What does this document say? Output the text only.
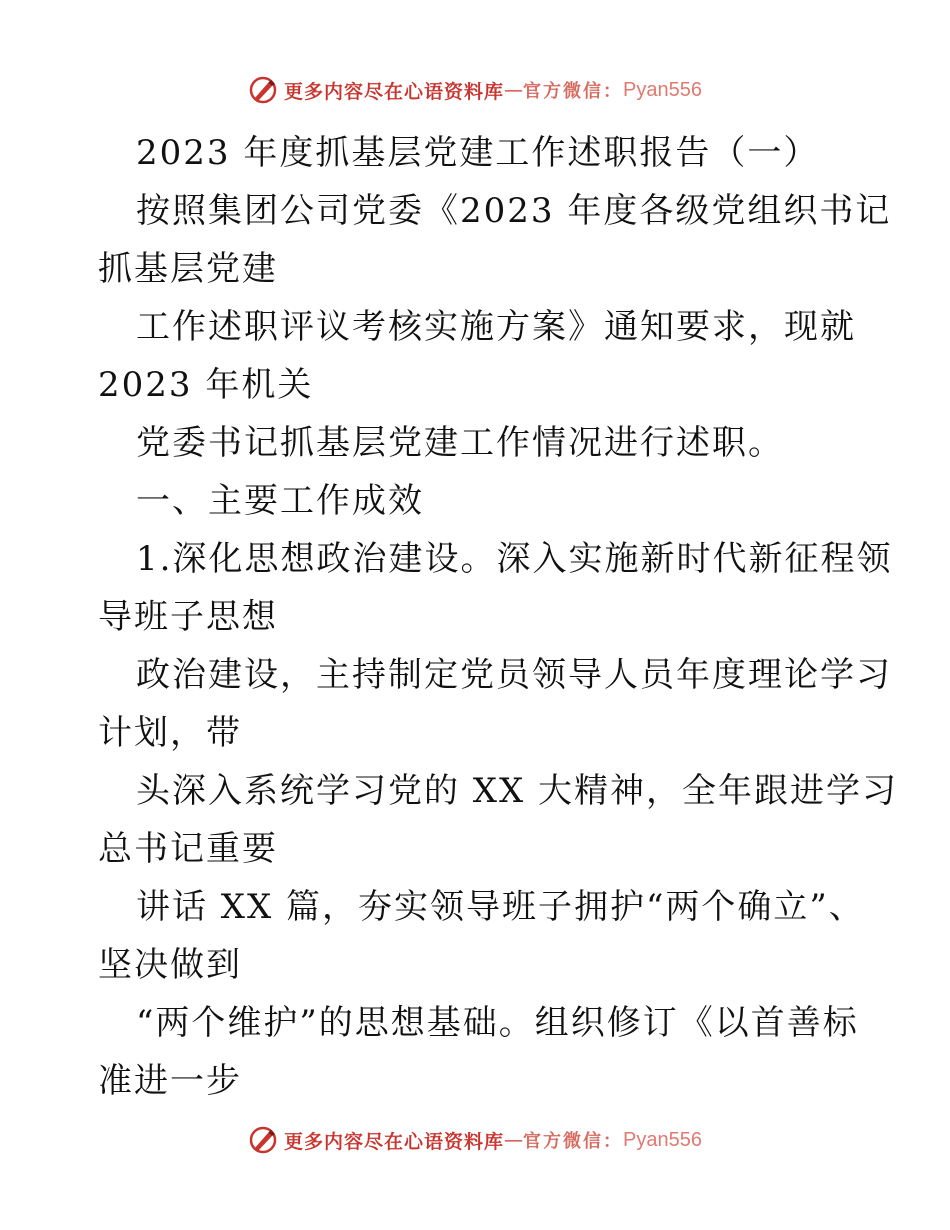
更多内容尽在心语资料库 — 官方微信： Pyan556
2023 年度抓基层党建工作述职报告（一）
按照集团公司党委《2023 年度各级党组织书记
抓基层党建
工作述职评议考核实施方案》通知要求，现就
2023 年机关
党委书记抓基层党建工作情况进行述职。
一、主要工作成效
1.深化思想政治建设。深入实施新时代新征程领
导班子思想
政治建设，主持制定党员领导人员年度理论学习
计划，带
头深入系统学习党的 XX 大精神，全年跟进学习
总书记重要
讲话 XX 篇，夯实领导班子拥护“两个确立”、
坚决做到
“两个维护”的思想基础。组织修订《以首善标
准进一步
更多内容尽在心语资料库 — 官方微信： Pyan556
